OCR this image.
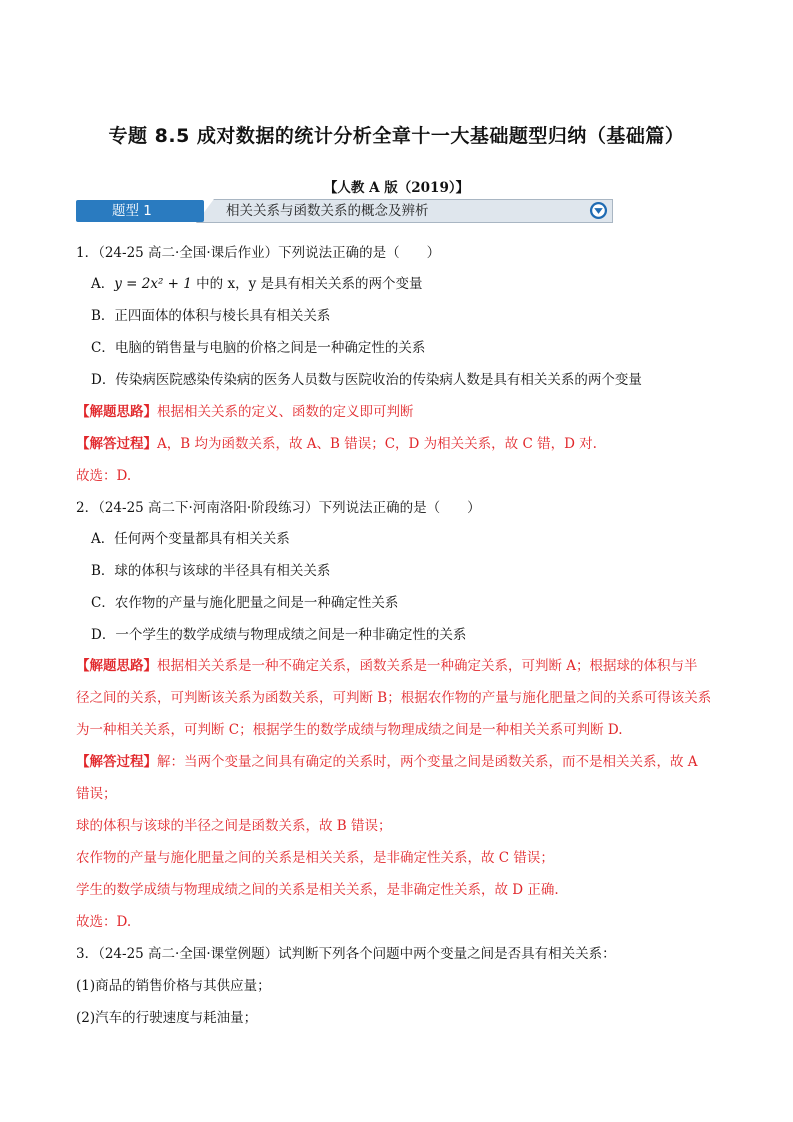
专题 8.5 成对数据的统计分析全章十一大基础题型归纳（基础篇）
【人教 A 版（2019）】
题型 1	相关关系与函数关系的概念及辨析
1．（24-25 高二·全国·课后作业）下列说法正确的是（　　）
A．y = 2x² + 1 中的 x，y 是具有相关关系的两个变量
B．正四面体的体积与棱长具有相关关系
C．电脑的销售量与电脑的价格之间是一种确定性的关系
D．传染病医院感染传染病的医务人员数与医院收治的传染病人数是具有相关关系的两个变量
【解题思路】根据相关关系的定义、函数的定义即可判断
【解答过程】A，B 均为函数关系，故 A、B 错误；C，D 为相关关系，故 C 错，D 对.
故选：D.
2．（24-25 高二下·河南洛阳·阶段练习）下列说法正确的是（　　）
A．任何两个变量都具有相关关系
B．球的体积与该球的半径具有相关关系
C．农作物的产量与施化肥量之间是一种确定性关系
D．一个学生的数学成绩与物理成绩之间是一种非确定性的关系
【解题思路】根据相关关系是一种不确定关系，函数关系是一种确定关系，可判断 A；根据球的体积与半
径之间的关系，可判断该关系为函数关系，可判断 B；根据农作物的产量与施化肥量之间的关系可得该关系
为一种相关关系，可判断 C；根据学生的数学成绩与物理成绩之间是一种相关关系可判断 D.
【解答过程】解：当两个变量之间具有确定的关系时，两个变量之间是函数关系，而不是相关关系，故 A
错误；
球的体积与该球的半径之间是函数关系，故 B 错误；
农作物的产量与施化肥量之间的关系是相关关系，是非确定性关系，故 C 错误；
学生的数学成绩与物理成绩之间的关系是相关关系，是非确定性关系，故 D 正确.
故选：D.
3．（24-25 高二·全国·课堂例题）试判断下列各个问题中两个变量之间是否具有相关关系：
(1)商品的销售价格与其供应量；
(2)汽车的行驶速度与耗油量；
